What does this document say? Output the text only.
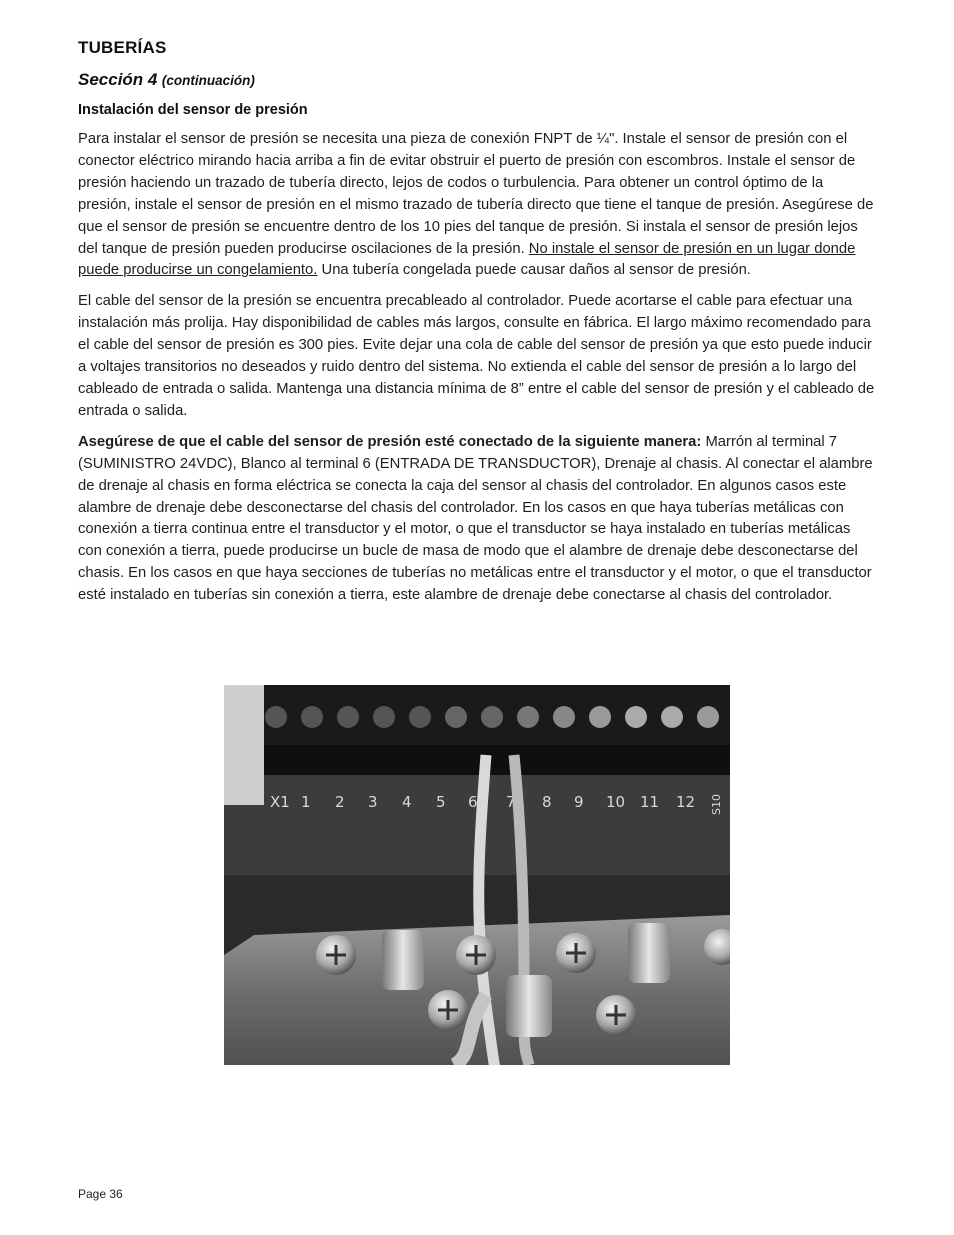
TUBERÍAS
Sección 4 (continuación)
Instalación del sensor de presión

Para instalar el sensor de presión se necesita una pieza de conexión FNPT de ¼". Instale el sensor de presión con el conector eléctrico mirando hacia arriba a fin de evitar obstruir el puerto de presión con escombros. Instale el sensor de presión haciendo un trazado de tubería directo, lejos de codos o turbulencia. Para obtener un control óptimo de la presión, instale el sensor de presión en el mismo trazado de tubería directo que tiene el tanque de presión. Asegúrese de que el sensor de presión se encuentre dentro de los 10 pies del tanque de presión. Si instala el sensor de presión lejos del tanque de presión pueden producirse oscilaciones de la presión. No instale el sensor de presión en un lugar donde puede producirse un congelamiento. Una tubería congelada puede causar daños al sensor de presión.

El cable del sensor de la presión se encuentra precableado al controlador. Puede acortarse el cable para efectuar una instalación más prolija. Hay disponibilidad de cables más largos, consulte en fábrica. El largo máximo recomendado para el cable del sensor de presión es 300 pies. Evite dejar una cola de cable del sensor de presión ya que esto puede inducir a voltajes transitorios no deseados y ruido dentro del sistema. No extienda el cable del sensor de presión a lo largo del cableado de entrada o salida. Mantenga una distancia mínima de 8” entre el cable del sensor de presión y el cableado de entrada o salida.

Asegúrese de que el cable del sensor de presión esté conectado de la siguiente manera: Marrón al terminal 7 (SUMINISTRO 24VDC), Blanco al terminal 6 (ENTRADA DE TRANSDUCTOR), Drenaje al chasis. Al conectar el alambre de drenaje al chasis en forma eléctrica se conecta la caja del sensor al chasis del controlador. En algunos casos este alambre de drenaje debe desconectarse del chasis del controlador. En los casos en que haya tuberías metálicas con conexión a tierra continua entre el transductor y el motor, o que el transductor se haya instalado en tuberías metálicas con conexión a tierra, puede producirse un bucle de masa de modo que el alambre de drenaje debe desconectarse del chasis. En los casos en que haya secciones de tuberías no metálicas entre el transductor y el motor, o que el transductor esté instalado en tuberías sin conexión a tierra, este alambre de drenaje debe conectarse al chasis del controlador.

X1 1 2 3 4 5 6 7 8 9 10 11 12 S10
Page 36
